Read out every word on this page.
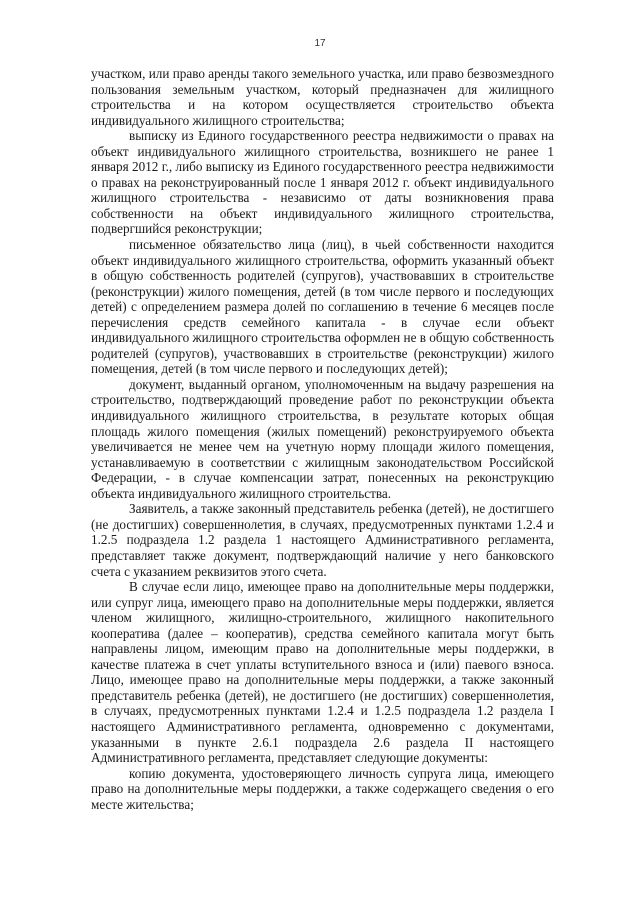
17

участком, или право аренды такого земельного участка, или право безвозмездного пользования земельным участком, который предназначен для жилищного строительства и на котором осуществляется строительство объекта индивидуального жилищного строительства;

выписку из Единого государственного реестра недвижимости о правах на объект индивидуального жилищного строительства, возникшего не ранее 1 января 2012 г., либо выписку из Единого государственного реестра недвижимости о правах на реконструированный после 1 января 2012 г. объект индивидуального жилищного строительства - независимо от даты возникновения права собственности на объект индивидуального жилищного строительства, подвергшийся реконструкции;

письменное обязательство лица (лиц), в чьей собственности находится объект индивидуального жилищного строительства, оформить указанный объект в общую собственность родителей (супругов), участвовавших в строительстве (реконструкции) жилого помещения, детей (в том числе первого и последующих детей) с определением размера долей по соглашению в течение 6 месяцев после перечисления средств семейного капитала - в случае если объект индивидуального жилищного строительства оформлен не в общую собственность родителей (супругов), участвовавших в строительстве (реконструкции) жилого помещения, детей (в том числе первого и последующих детей);

документ, выданный органом, уполномоченным на выдачу разрешения на строительство, подтверждающий проведение работ по реконструкции объекта индивидуального жилищного строительства, в результате которых общая площадь жилого помещения (жилых помещений) реконструируемого объекта увеличивается не менее чем на учетную норму площади жилого помещения, устанавливаемую в соответствии с жилищным законодательством Российской Федерации, - в случае компенсации затрат, понесенных на реконструкцию объекта индивидуального жилищного строительства.

Заявитель, а также законный представитель ребенка (детей), не достигшего (не достигших) совершеннолетия, в случаях, предусмотренных пунктами 1.2.4 и 1.2.5 подраздела 1.2 раздела 1 настоящего Административного регламента, представляет также документ, подтверждающий наличие у него банковского счета с указанием реквизитов этого счета.

В случае если лицо, имеющее право на дополнительные меры поддержки, или супруг лица, имеющего право на дополнительные меры поддержки, является членом жилищного, жилищно-строительного, жилищного накопительного кооператива (далее – кооператив), средства семейного капитала могут быть направлены лицом, имеющим право на дополнительные меры поддержки, в качестве платежа в счет уплаты вступительного взноса и (или) паевого взноса. Лицо, имеющее право на дополнительные меры поддержки, а также законный представитель ребенка (детей), не достигшего (не достигших) совершеннолетия, в случаях, предусмотренных пунктами 1.2.4 и 1.2.5 подраздела 1.2 раздела I настоящего Административного регламента, одновременно с документами, указанными в пункте 2.6.1 подраздела 2.6 раздела II настоящего Административного регламента, представляет следующие документы:

копию документа, удостоверяющего личность супруга лица, имеющего право на дополнительные меры поддержки, а также содержащего сведения о его месте жительства;
